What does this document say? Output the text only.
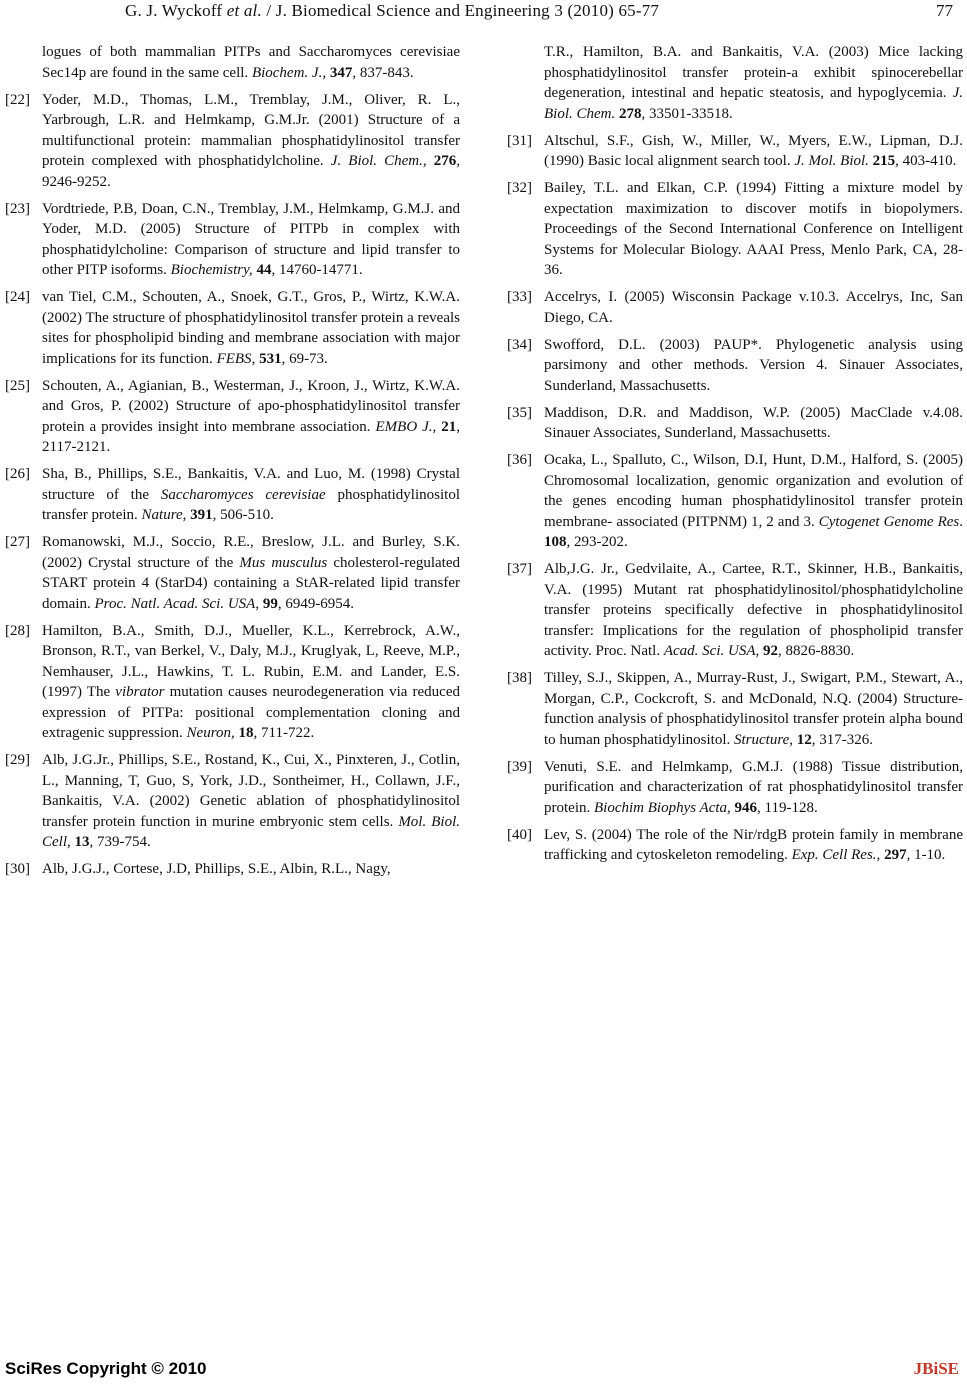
G. J. Wyckoff et al. / J. Biomedical Science and Engineering 3 (2010) 65-77	77
logues of both mammalian PITPs and Saccharomyces cerevisiae Sec14p are found in the same cell. Biochem. J., 347, 837-843.
[22] Yoder, M.D., Thomas, L.M., Tremblay, J.M., Oliver, R. L., Yarbrough, L.R. and Helmkamp, G.M.Jr. (2001) Structure of a multifunctional protein: mammalian phosphatidylinositol transfer protein complexed with phosphatidylcholine. J. Biol. Chem., 276, 9246-9252.
[23] Vordtriede, P.B, Doan, C.N., Tremblay, J.M., Helmkamp, G.M.J. and Yoder, M.D. (2005) Structure of PITPb in complex with phosphatidylcholine: Comparison of structure and lipid transfer to other PITP isoforms. Biochemistry, 44, 14760-14771.
[24] van Tiel, C.M., Schouten, A., Snoek, G.T., Gros, P., Wirtz, K.W.A. (2002) The structure of phosphatidylinositol transfer protein a reveals sites for phospholipid binding and membrane association with major implications for its function. FEBS, 531, 69-73.
[25] Schouten, A., Agianian, B., Westerman, J., Kroon, J., Wirtz, K.W.A. and Gros, P. (2002) Structure of apo-phosphatidylinositol transfer protein a provides insight into membrane association. EMBO J., 21, 2117-2121.
[26] Sha, B., Phillips, S.E., Bankaitis, V.A. and Luo, M. (1998) Crystal structure of the Saccharomyces cerevisiae phosphatidylinositol transfer protein. Nature, 391, 506-510.
[27] Romanowski, M.J., Soccio, R.E., Breslow, J.L. and Burley, S.K. (2002) Crystal structure of the Mus musculus cholesterol-regulated START protein 4 (StarD4) containing a StAR-related lipid transfer domain. Proc. Natl. Acad. Sci. USA, 99, 6949-6954.
[28] Hamilton, B.A., Smith, D.J., Mueller, K.L., Kerrebrock, A.W., Bronson, R.T., van Berkel, V., Daly, M.J., Kruglyak, L, Reeve, M.P., Nemhauser, J.L., Hawkins, T. L. Rubin, E.M. and Lander, E.S. (1997) The vibrator mutation causes neurodegeneration via reduced expression of PITPa: positional complementation cloning and extragenic suppression. Neuron, 18, 711-722.
[29] Alb, J.G.Jr., Phillips, S.E., Rostand, K., Cui, X., Pinxteren, J., Cotlin, L., Manning, T, Guo, S, York, J.D., Sontheimer, H., Collawn, J.F., Bankaitis, V.A. (2002) Genetic ablation of phosphatidylinositol transfer protein function in murine embryonic stem cells. Mol. Biol. Cell, 13, 739-754.
[30] Alb, J.G.J., Cortese, J.D, Phillips, S.E., Albin, R.L., Nagy,
T.R., Hamilton, B.A. and Bankaitis, V.A. (2003) Mice lacking phosphatidylinositol transfer protein-a exhibit spinocerebellar degeneration, intestinal and hepatic steatosis, and hypoglycemia. J. Biol. Chem. 278, 33501-33518.
[31] Altschul, S.F., Gish, W., Miller, W., Myers, E.W., Lipman, D.J. (1990) Basic local alignment search tool. J. Mol. Biol. 215, 403-410.
[32] Bailey, T.L. and Elkan, C.P. (1994) Fitting a mixture model by expectation maximization to discover motifs in biopolymers. Proceedings of the Second International Conference on Intelligent Systems for Molecular Biology. AAAI Press, Menlo Park, CA, 28-36.
[33] Accelrys, I. (2005) Wisconsin Package v.10.3. Accelrys, Inc, San Diego, CA.
[34] Swofford, D.L. (2003) PAUP*. Phylogenetic analysis using parsimony and other methods. Version 4. Sinauer Associates, Sunderland, Massachusetts.
[35] Maddison, D.R. and Maddison, W.P. (2005) MacClade v.4.08. Sinauer Associates, Sunderland, Massachusetts.
[36] Ocaka, L., Spalluto, C., Wilson, D.I, Hunt, D.M., Halford, S. (2005) Chromosomal localization, genomic organization and evolution of the genes encoding human phosphatidylinositol transfer protein membrane- associated (PITPNM) 1, 2 and 3. Cytogenet Genome Res. 108, 293-202.
[37] Alb,J.G. Jr., Gedvilaite, A., Cartee, R.T., Skinner, H.B., Bankaitis, V.A. (1995) Mutant rat phosphatidylinositol/phosphatidylcholine transfer proteins specifically defective in phosphatidylinositol transfer: Implications for the regulation of phospholipid transfer activity. Proc. Natl. Acad. Sci. USA, 92, 8826-8830.
[38] Tilley, S.J., Skippen, A., Murray-Rust, J., Swigart, P.M., Stewart, A., Morgan, C.P., Cockcroft, S. and McDonald, N.Q. (2004) Structure-function analysis of phosphatidylinositol transfer protein alpha bound to human phosphatidylinositol. Structure, 12, 317-326.
[39] Venuti, S.E. and Helmkamp, G.M.J. (1988) Tissue distribution, purification and characterization of rat phosphatidylinositol transfer protein. Biochim Biophys Acta, 946, 119-128.
[40] Lev, S. (2004) The role of the Nir/rdgB protein family in membrane trafficking and cytoskeleton remodeling. Exp. Cell Res., 297, 1-10.
SciRes Copyright © 2010	JBiSE
